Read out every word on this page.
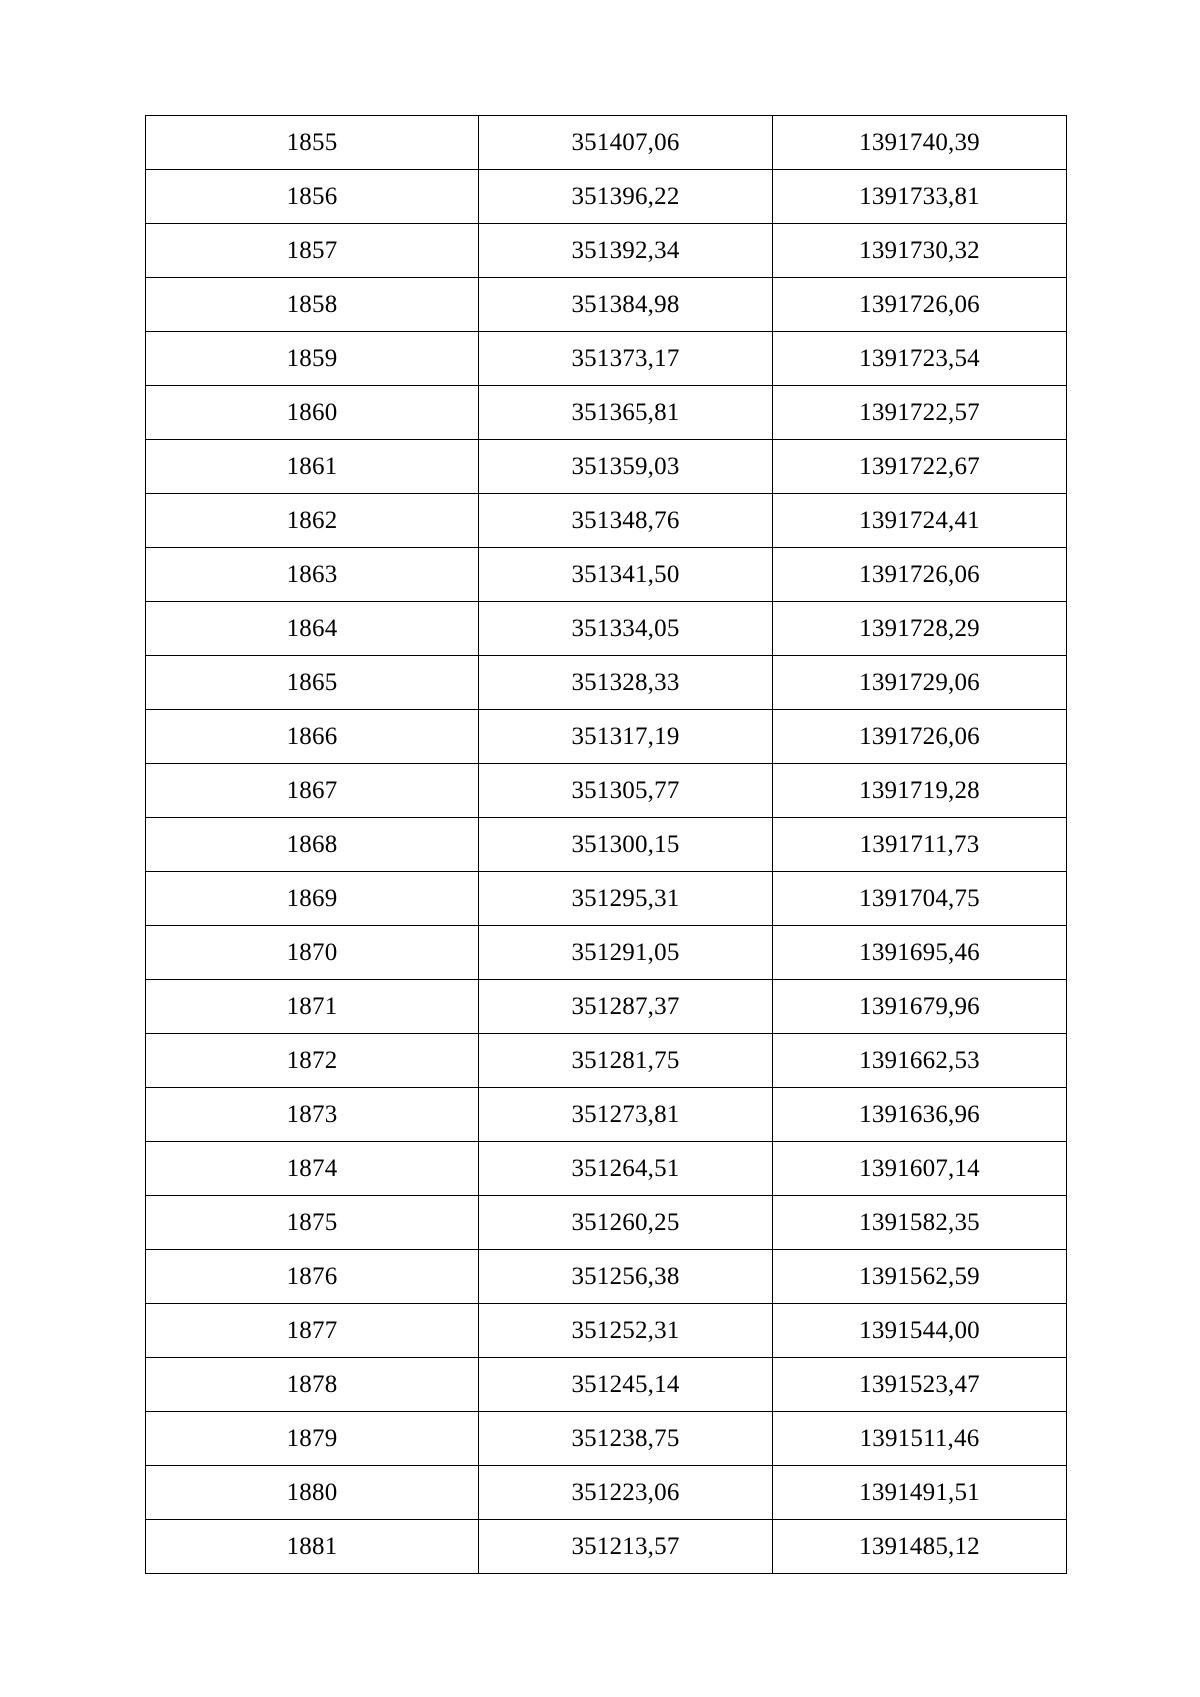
1855	351407,06	1391740,39
1856	351396,22	1391733,81
1857	351392,34	1391730,32
1858	351384,98	1391726,06
1859	351373,17	1391723,54
1860	351365,81	1391722,57
1861	351359,03	1391722,67
1862	351348,76	1391724,41
1863	351341,50	1391726,06
1864	351334,05	1391728,29
1865	351328,33	1391729,06
1866	351317,19	1391726,06
1867	351305,77	1391719,28
1868	351300,15	1391711,73
1869	351295,31	1391704,75
1870	351291,05	1391695,46
1871	351287,37	1391679,96
1872	351281,75	1391662,53
1873	351273,81	1391636,96
1874	351264,51	1391607,14
1875	351260,25	1391582,35
1876	351256,38	1391562,59
1877	351252,31	1391544,00
1878	351245,14	1391523,47
1879	351238,75	1391511,46
1880	351223,06	1391491,51
1881	351213,57	1391485,12
